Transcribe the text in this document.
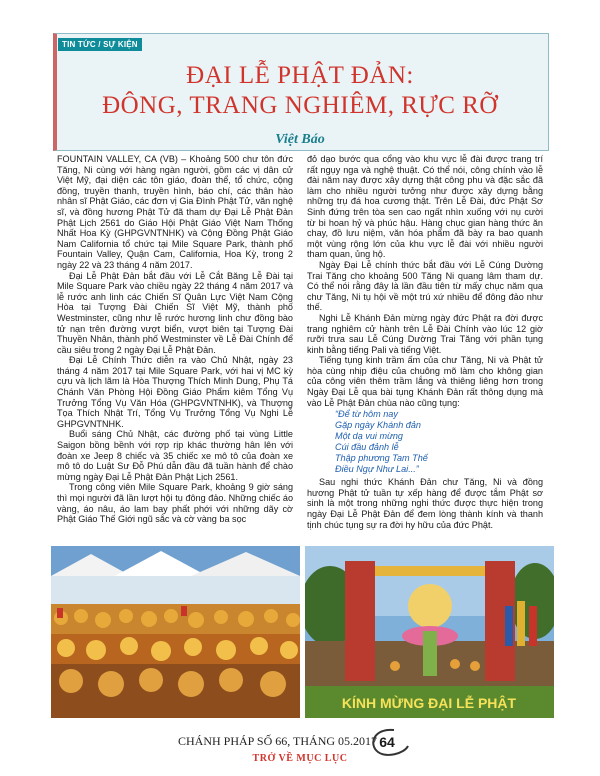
TIN TỨC / SỰ KIỆN
ĐẠI LỄ PHẬT ĐẢN:
ĐÔNG, TRANG NGHIÊM, RỰC RỠ
Việt Báo

FOUNTAIN VALLEY, CA (VB) – Khoảng 500 chư tôn đức Tăng, Ni cùng với hàng ngàn người, gồm các vị dân cử Việt Mỹ, đại diện các tôn giáo, đoàn thể, tổ chức, cộng đồng, truyền thanh, truyền hình, báo chí, các thân hào nhân sĩ Phật Giáo, các đơn vị Gia Đình Phật Tử, văn nghệ sĩ, và đồng hương Phật Tử đã tham dự Đại Lễ Phật Đản Phật Lịch 2561 do Giáo Hội Phật Giáo Việt Nam Thống Nhất Hoa Kỳ (GHPGVNTNHK) và Cộng Đồng Phật Giáo Nam California tổ chức tại Mile Square Park, thành phố Fountain Valley, Quận Cam, California, Hoa Kỳ, trong 2 ngày 22 và 23 tháng 4 năm 2017.

Đại Lễ Phật Đản bắt đầu với Lễ Cắt Băng Lễ Đài tại Mile Square Park vào chiều ngày 22 tháng 4 năm 2017 và lễ rước anh linh các Chiến Sĩ Quân Lực Việt Nam Cộng Hòa tại Tượng Đài Chiến Sĩ Việt Mỹ, thành phố Westminster, cũng như lễ rước hương linh chư đồng bào tử nạn trên đường vượt biển, vượt biên tại Tượng Đài Thuyền Nhân, thành phố Westminster về Lễ Đài Chính để cầu siêu trong 2 ngày Đại Lễ Phật Đản.

Đại Lễ Chính Thức diễn ra vào Chủ Nhật, ngày 23 tháng 4 năm 2017 tại Mile Square Park, với hai vị MC kỳ cựu và lịch lãm là Hòa Thượng Thích Minh Dung, Phụ Tá Chánh Văn Phòng Hội Đồng Giáo Phẩm kiêm Tổng Vụ Trưởng Tổng Vụ Văn Hóa (GHPGVNTNHK), và Thượng Tọa Thích Nhật Trí, Tổng Vụ Trưởng Tổng Vụ Nghi Lễ GHPGVNTNHK.

Buổi sáng Chủ Nhật, các đường phố tại vùng Little Saigon bồng bềnh với rợp rịp khác thường hân lên với đoàn xe Jeep 8 chiếc và 35 chiếc xe mô tô của đoàn xe mô tô do Luật Sư Đỗ Phú dẫn đầu đã tuần hành để chào mừng ngày Đại Lễ Phật Đản Phật Lịch 2561.

Trong công viên Mile Square Park, khoảng 9 giờ sáng thì mọi người đã lần lượt hội tụ đông đảo. Những chiếc áo vàng, áo nâu, áo lam bay phất phới với những dãy cờ Phật Giáo Thế Giới ngũ sắc và cờ vàng ba sọc

đỏ dạo bước qua cổng vào khu vực lễ đài được trang trí rất ngụy nga và nghệ thuật. Có thể nói, công chính vào lễ đài năm nay được xây dựng thật công phu và đặc sắc đã làm cho nhiều người tưởng như được xây dựng bằng những trụ đá hoa cương thật. Trên Lễ Đài, đức Phật Sơ Sinh đứng trên tòa sen cao ngất nhìn xuống với nụ cười từ bi hoan hỷ và phúc hậu. Hàng chục gian hàng thức ăn chay, đồ lưu niệm, văn hóa phẩm đã bày ra bao quanh một vùng rộng lớn của khu vực lễ đài với nhiều người tham quan, ủng hộ.

Ngày Đại Lễ chính thức bắt đầu với Lễ Cúng Dường Trai Tăng cho khoảng 500 Tăng Ni quang lâm tham dự. Có thể nói rằng đây là lần đầu tiên từ mấy chục năm qua chư Tăng, Ni tụ hội về một trú xứ nhiều để đông đảo như thế.

Nghi Lễ Khánh Đản mừng ngày đức Phật ra đời được trang nghiêm cử hành trên Lễ Đài Chính vào lúc 12 giờ rưỡi trưa sau Lễ Cúng Dường Trai Tăng với phần tụng kinh bằng tiếng Pali và tiếng Việt.

Tiếng tụng kinh trầm ấm của chư Tăng, Ni và Phật tử hòa cùng nhịp điệu của chuông mõ làm cho không gian của công viên thêm trầm lắng và thiêng liêng hơn trong Ngày Đại Lễ qua bài tụng Khánh Đản rất thông dụng mà vào Lễ Phật Đản chùa nào cũng tụng:

“Để từ hôm nay
Gặp ngày Khánh đản
Một dạ vui mừng
Cúi đầu đảnh lễ
Thập phương Tam Thế
Điều Ngự Như Lai...”

Sau nghi thức Khánh Đản chư Tăng, Ni và đồng hương Phật tử tuần tự xếp hàng để được tắm Phật sơ sinh là một trong những nghi thức được thực hiện trong ngày Đại Lễ Phật Đản để đem lòng thành kính và thanh tịnh chúc tụng sự ra đời hy hữu của đức Phật.

KÍNH MỪNG ĐẠI LỄ PHẬT
CHÁNH PHÁP SỐ 66, THÁNG 05.2017 64
TRỞ VỀ MỤC LỤC
